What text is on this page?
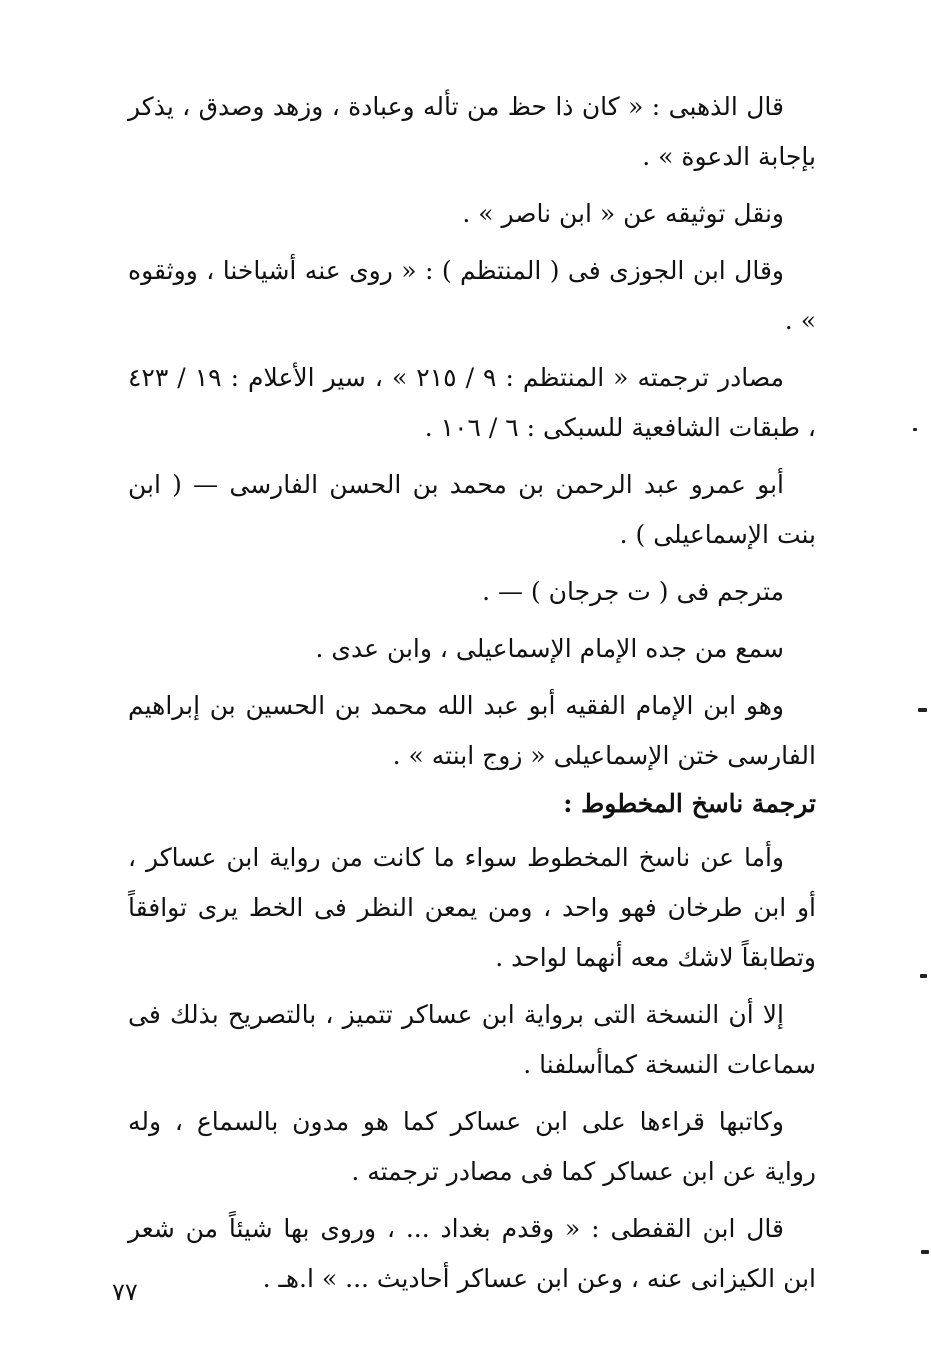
قال الذهبى : « كان ذا حظ من تأله وعبادة ، وزهد وصدق ، يذكر بإجابة الدعوة » .

ونقل توثيقه عن « ابن ناصر » .

وقال ابن الجوزى فى ( المنتظم ) : « روى عنه أشياخنا ، ووثقوه » .

مصادر ترجمته « المنتظم : ٩ / ٢١٥ » ، سير الأعلام : ١٩ / ٤٢٣ ، طبقات الشافعية للسبكى : ٦ / ١٠٦ .

أبو عمرو عبد الرحمن بن محمد بن الحسن الفارسى — ( ابن بنت الإسماعيلى ) .

مترجم فى ( ت جرجان ) — .

سمع من جده الإمام الإسماعيلى ، وابن عدى .

وهو ابن الإمام الفقيه أبو عبد الله محمد بن الحسين بن إبراهيم الفارسى ختن الإسماعيلى « زوج ابنته » .

ترجمة ناسخ المخطوط :

وأما عن ناسخ المخطوط سواء ما كانت من رواية ابن عساكر ، أو ابن طرخان فهو واحد ، ومن يمعن النظر فى الخط يرى توافقاً وتطابقاً لاشك معه أنهما لواحد .

إلا أن النسخة التى برواية ابن عساكر تتميز ، بالتصريح بذلك فى سماعات النسخة كماأسلفنا .

وكاتبها قراءها على ابن عساكر كما هو مدون بالسماع ، وله رواية عن ابن عساكر كما فى مصادر ترجمته .

قال ابن القفطى : « وقدم بغداد ... ، وروى بها شيئاً من شعر ابن الكيزانى عنه ، وعن ابن عساكر أحاديث ... » ا.هـ .

٧٧
